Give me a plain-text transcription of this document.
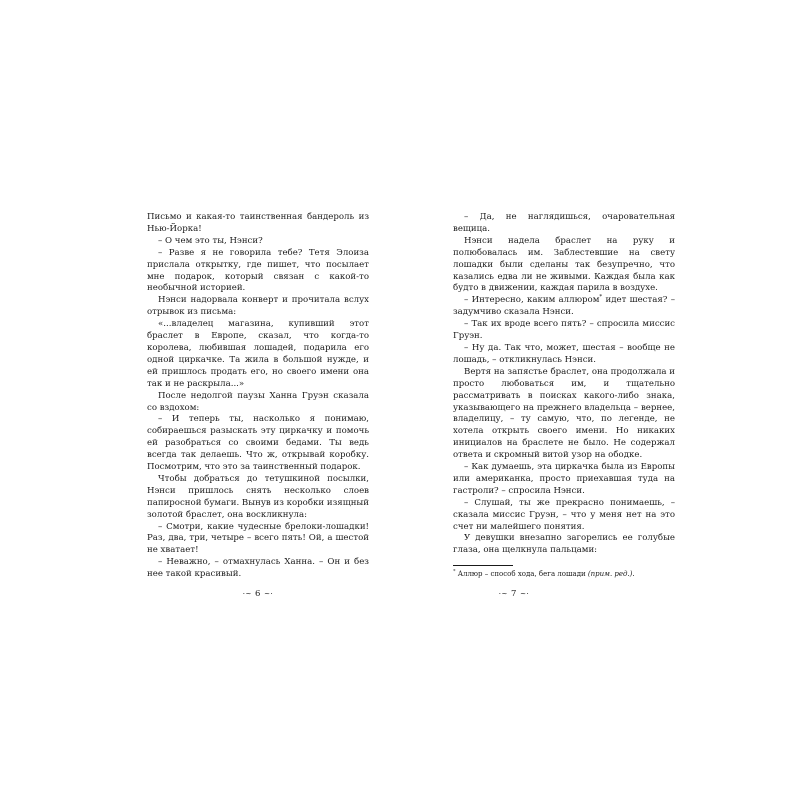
Письмо и какая-то таинственная бандероль из Нью-Йорка!

– О чем это ты, Нэнси?

– Разве я не говорила тебе? Тетя Элоиза прислала открытку, где пишет, что посылает мне подарок, который связан с какой-то необычной историей.

Нэнси надорвала конверт и прочитала вслух отрывок из письма:

«...владелец магазина, купивший этот браслет в Европе, сказал, что когда-то королева, любившая лошадей, подарила его одной циркачке. Та жила в большой нужде, и ей пришлось продать его, но своего имени она так и не раскрыла...»

После недолгой паузы Ханна Груэн сказала со вздохом:

– И теперь ты, насколько я понимаю, собираешься разыскать эту циркачку и помочь ей разобраться со своими бедами. Ты ведь всегда так делаешь. Что ж, открывай коробку. Посмотрим, что это за таинственный подарок.

Чтобы добраться до тетушкиной посылки, Нэнси пришлось снять несколько слоев папиросной бумаги. Вынув из коробки изящный золотой браслет, она воскликнула:

– Смотри, какие чудесные брелоки-лошадки! Раз, два, три, четыре – всего пять! Ой, а шестой не хватает!

– Неважно, – отмахнулась Ханна. – Он и без нее такой красивый.

– Да, не наглядишься, очаровательная вещица.

Нэнси надела браслет на руку и полюбовалась им. Заблестевшие на свету лошадки были сделаны так безупречно, что казались едва ли не живыми. Каждая была как будто в движении, каждая парила в воздухе.

– Интересно, каким аллюром* идет шестая? – задумчиво сказала Нэнси.

– Так их вроде всего пять? – спросила миссис Груэн.

– Ну да. Так что, может, шестая – вообще не лошадь, – откликнулась Нэнси.

Вертя на запястье браслет, она продолжала и просто любоваться им, и тщательно рассматривать в поисках какого-либо знака, указывающего на прежнего владельца – вернее, владелицу, – ту самую, что, по легенде, не хотела открыть своего имени. Но никаких инициалов на браслете не было. Не содержал ответа и скромный витой узор на ободке.

– Как думаешь, эта циркачка была из Европы или американка, просто приехавшая туда на гастроли? – спросила Нэнси.

– Слушай, ты же прекрасно понимаешь, – сказала миссис Груэн, – что у меня нет на это счет ни малейшего понятия.

У девушки внезапно загорелись ее голубые глаза, она щелкнула пальцами:

* Аллюр – способ хода, бега лошади (прим. ред.).
·~ 6 ~·	·~ 7 ~·
